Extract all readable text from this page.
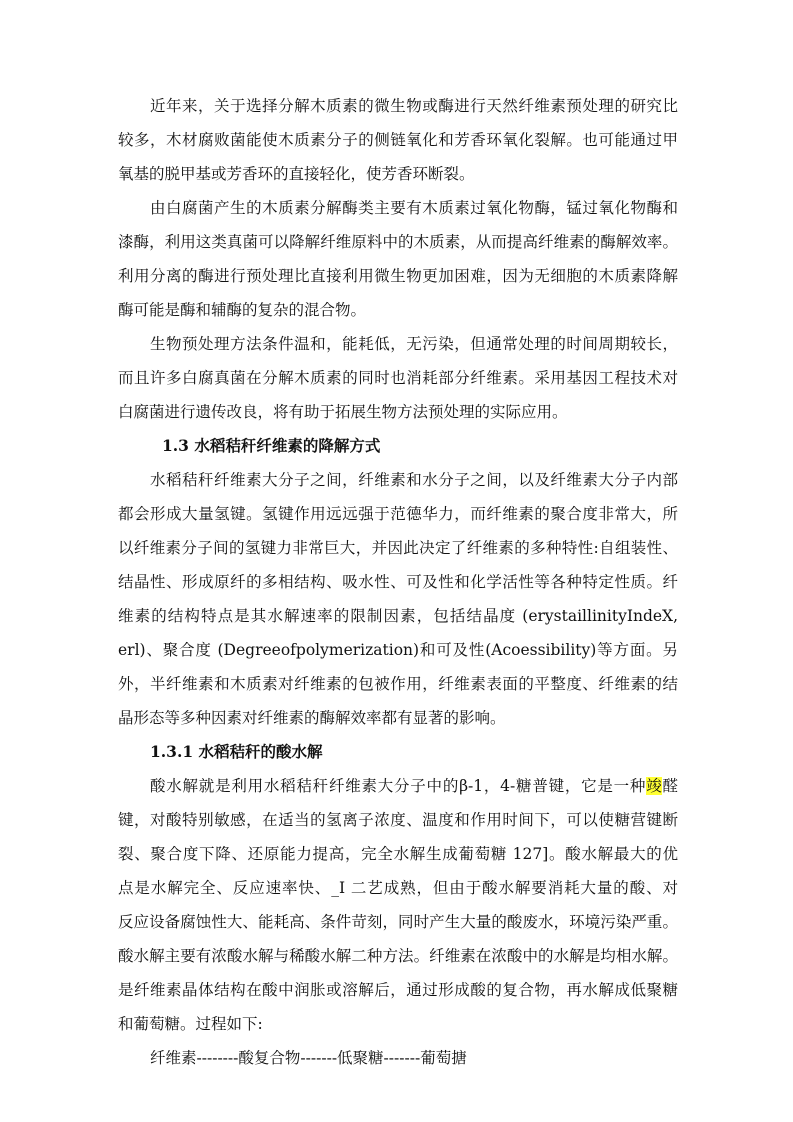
近年来，关于选择分解木质素的微生物或酶进行天然纤维素预处理的研究比
较多，木材腐败菌能使木质素分子的侧链氧化和芳香环氧化裂解。也可能通过甲
氧基的脱甲基或芳香环的直接轻化，使芳香环断裂。
由白腐菌产生的木质素分解酶类主要有木质素过氧化物酶，锰过氧化物酶和
漆酶，利用这类真菌可以降解纤维原料中的木质素，从而提高纤维素的酶解效率。
利用分离的酶进行预处理比直接利用微生物更加困难，因为无细胞的木质素降解
酶可能是酶和辅酶的复杂的混合物。
生物预处理方法条件温和，能耗低，无污染，但通常处理的时间周期较长，
而且许多白腐真菌在分解木质素的同时也消耗部分纤维素。采用基因工程技术对
白腐菌进行遗传改良，将有助于拓展生物方法预处理的实际应用。
1.3 水稻秸秆纤维素的降解方式
水稻秸秆纤维素大分子之间，纤维素和水分子之间，以及纤维素大分子内部
都会形成大量氢键。氢键作用远远强于范德华力，而纤维素的聚合度非常大，所
以纤维素分子间的氢键力非常巨大，并因此决定了纤维素的多种特性:自组装性、
结晶性、形成原纤的多相结构、吸水性、可及性和化学活性等各种特定性质。纤
维素的结构特点是其水解速率的限制因素，包括结晶度 (erystaillinityIndeX,
erl)、聚合度 (Degreeofpolymerization)和可及性(Acoessibility)等方面。另
外，半纤维素和木质素对纤维素的包被作用，纤维素表面的平整度、纤维素的结
晶形态等多种因素对纤维素的酶解效率都有显著的影响。
1.3.1 水稻秸秆的酸水解
酸水解就是利用水稻秸秆纤维素大分子中的β-1，4-糖普键，它是一种竣醛
键，对酸特别敏感，在适当的氢离子浓度、温度和作用时间下，可以使糖营键断
裂、聚合度下降、还原能力提高，完全水解生成葡萄糖 127]。酸水解最大的优
点是水解完全、反应速率快、_I 二艺成熟，但由于酸水解要消耗大量的酸、对
反应设备腐蚀性大、能耗高、条件苛刻，同时产生大量的酸废水，环境污染严重。
酸水解主要有浓酸水解与稀酸水解二种方法。纤维素在浓酸中的水解是均相水解。
是纤维素晶体结构在酸中润胀或溶解后，通过形成酸的复合物，再水解成低聚糖
和葡萄糖。过程如下:
纤维素--------酸复合物-------低聚糖-------葡萄搪
